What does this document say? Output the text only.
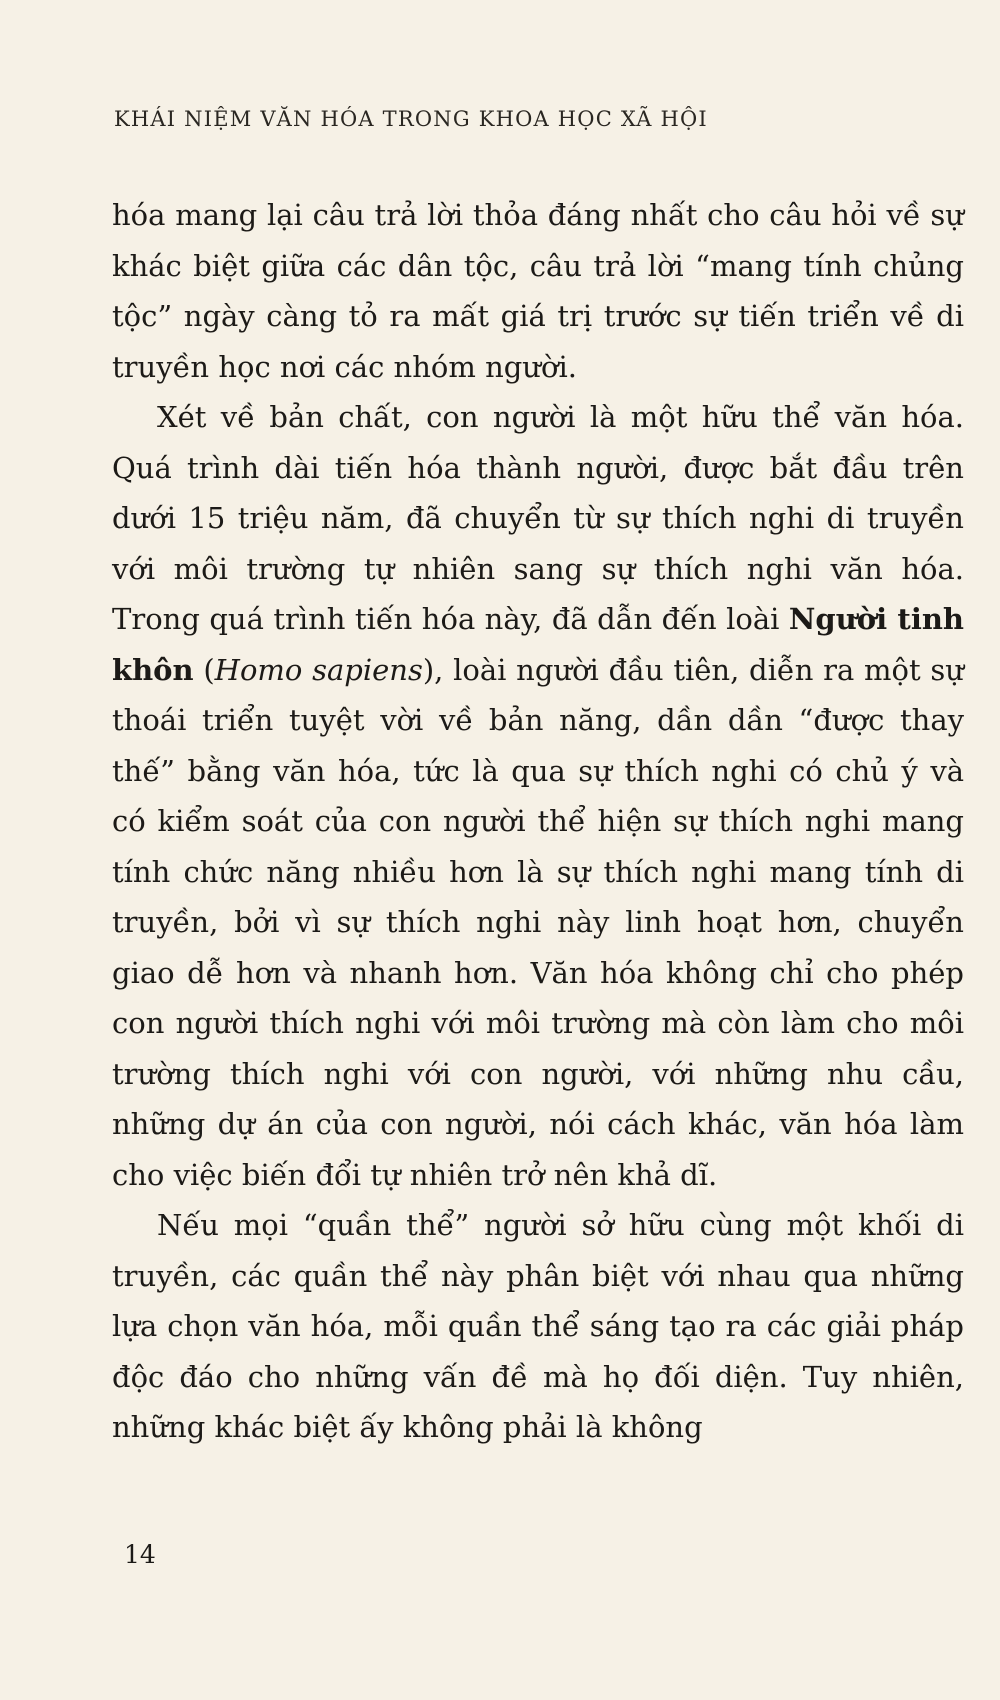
KHÁI NIỆM VĂN HÓA TRONG KHOA HỌC XÃ HỘI

hóa mang lại câu trả lời thỏa đáng nhất cho câu hỏi về sự khác biệt giữa các dân tộc, câu trả lời “mang tính chủng tộc” ngày càng tỏ ra mất giá trị trước sự tiến triển về di truyền học nơi các nhóm người.

Xét về bản chất, con người là một hữu thể văn hóa. Quá trình dài tiến hóa thành người, được bắt đầu trên dưới 15 triệu năm, đã chuyển từ sự thích nghi di truyền với môi trường tự nhiên sang sự thích nghi văn hóa. Trong quá trình tiến hóa này, đã dẫn đến loài Người tinh khôn (Homo sapiens), loài người đầu tiên, diễn ra một sự thoái triển tuyệt vời về bản năng, dần dần “được thay thế” bằng văn hóa, tức là qua sự thích nghi có chủ ý và có kiểm soát của con người thể hiện sự thích nghi mang tính chức năng nhiều hơn là sự thích nghi mang tính di truyền, bởi vì sự thích nghi này linh hoạt hơn, chuyển giao dễ hơn và nhanh hơn. Văn hóa không chỉ cho phép con người thích nghi với môi trường mà còn làm cho môi trường thích nghi với con người, với những nhu cầu, những dự án của con người, nói cách khác, văn hóa làm cho việc biến đổi tự nhiên trở nên khả dĩ.

Nếu mọi “quần thể” người sở hữu cùng một khối di truyền, các quần thể này phân biệt với nhau qua những lựa chọn văn hóa, mỗi quần thể sáng tạo ra các giải pháp độc đáo cho những vấn đề mà họ đối diện. Tuy nhiên, những khác biệt ấy không phải là không

14
